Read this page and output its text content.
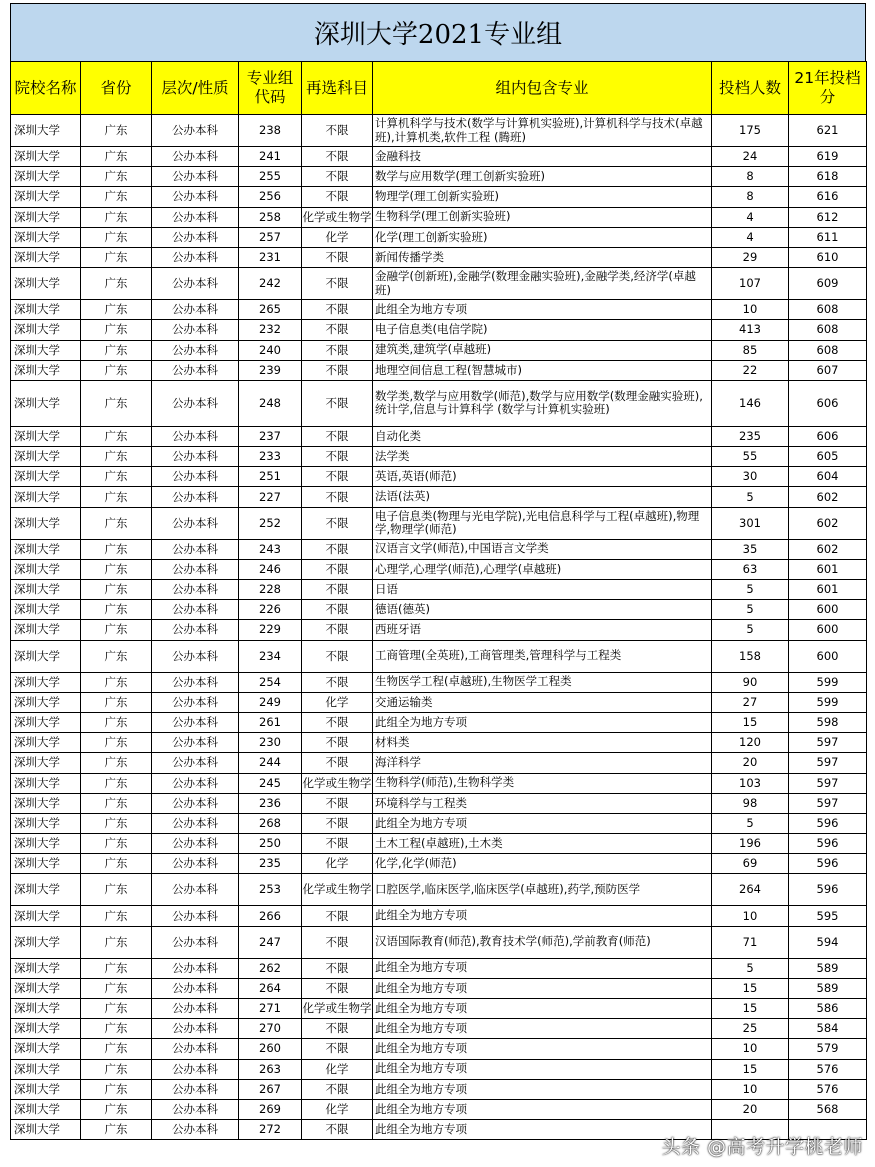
深圳大学2021专业组
院校名称	省份	层次/性质	专业组代码	再选科目	组内包含专业	投档人数	21年投档分
深圳大学	广东	公办本科	238	不限	计算机科学与技术(数学与计算机实验班),计算机科学与技术(卓越班),计算机类,软件工程 (腾班)	175	621
深圳大学	广东	公办本科	241	不限	金融科技	24	619
深圳大学	广东	公办本科	255	不限	数学与应用数学(理工创新实验班)	8	618
深圳大学	广东	公办本科	256	不限	物理学(理工创新实验班)	8	616
深圳大学	广东	公办本科	258	化学或生物学	生物科学(理工创新实验班)	4	612
深圳大学	广东	公办本科	257	化学	化学(理工创新实验班)	4	611
深圳大学	广东	公办本科	231	不限	新闻传播学类	29	610
深圳大学	广东	公办本科	242	不限	金融学(创新班),金融学(数理金融实验班),金融学类,经济学(卓越班)	107	609
深圳大学	广东	公办本科	265	不限	此组全为地方专项	10	608
深圳大学	广东	公办本科	232	不限	电子信息类(电信学院)	413	608
深圳大学	广东	公办本科	240	不限	建筑类,建筑学(卓越班)	85	608
深圳大学	广东	公办本科	239	不限	地理空间信息工程(智慧城市)	22	607
深圳大学	广东	公办本科	248	不限	数学类,数学与应用数学(师范),数学与应用数学(数理金融实验班),统计学,信息与计算科学 (数学与计算机实验班)	146	606
深圳大学	广东	公办本科	237	不限	自动化类	235	606
深圳大学	广东	公办本科	233	不限	法学类	55	605
深圳大学	广东	公办本科	251	不限	英语,英语(师范)	30	604
深圳大学	广东	公办本科	227	不限	法语(法英)	5	602
深圳大学	广东	公办本科	252	不限	电子信息类(物理与光电学院),光电信息科学与工程(卓越班),物理学,物理学(师范)	301	602
深圳大学	广东	公办本科	243	不限	汉语言文学(师范),中国语言文学类	35	602
深圳大学	广东	公办本科	246	不限	心理学,心理学(师范),心理学(卓越班)	63	601
深圳大学	广东	公办本科	228	不限	日语	5	601
深圳大学	广东	公办本科	226	不限	德语(德英)	5	600
深圳大学	广东	公办本科	229	不限	西班牙语	5	600
深圳大学	广东	公办本科	234	不限	工商管理(全英班),工商管理类,管理科学与工程类	158	600
深圳大学	广东	公办本科	254	不限	生物医学工程(卓越班),生物医学工程类	90	599
深圳大学	广东	公办本科	249	化学	交通运输类	27	599
深圳大学	广东	公办本科	261	不限	此组全为地方专项	15	598
深圳大学	广东	公办本科	230	不限	材料类	120	597
深圳大学	广东	公办本科	244	不限	海洋科学	20	597
深圳大学	广东	公办本科	245	化学或生物学	生物科学(师范),生物科学类	103	597
深圳大学	广东	公办本科	236	不限	环境科学与工程类	98	597
深圳大学	广东	公办本科	268	不限	此组全为地方专项	5	596
深圳大学	广东	公办本科	250	不限	土木工程(卓越班),土木类	196	596
深圳大学	广东	公办本科	235	化学	化学,化学(师范)	69	596
深圳大学	广东	公办本科	253	化学或生物学	口腔医学,临床医学,临床医学(卓越班),药学,预防医学	264	596
深圳大学	广东	公办本科	266	不限	此组全为地方专项	10	595
深圳大学	广东	公办本科	247	不限	汉语国际教育(师范),教育技术学(师范),学前教育(师范)	71	594
深圳大学	广东	公办本科	262	不限	此组全为地方专项	5	589
深圳大学	广东	公办本科	264	不限	此组全为地方专项	15	589
深圳大学	广东	公办本科	271	化学或生物学	此组全为地方专项	15	586
深圳大学	广东	公办本科	270	不限	此组全为地方专项	25	584
深圳大学	广东	公办本科	260	不限	此组全为地方专项	10	579
深圳大学	广东	公办本科	263	化学	此组全为地方专项	15	576
深圳大学	广东	公办本科	267	不限	此组全为地方专项	10	576
深圳大学	广东	公办本科	269	化学	此组全为地方专项	20	568
深圳大学	广东	公办本科	272	不限	此组全为地方专项		
头条 @高考升学桃老师
